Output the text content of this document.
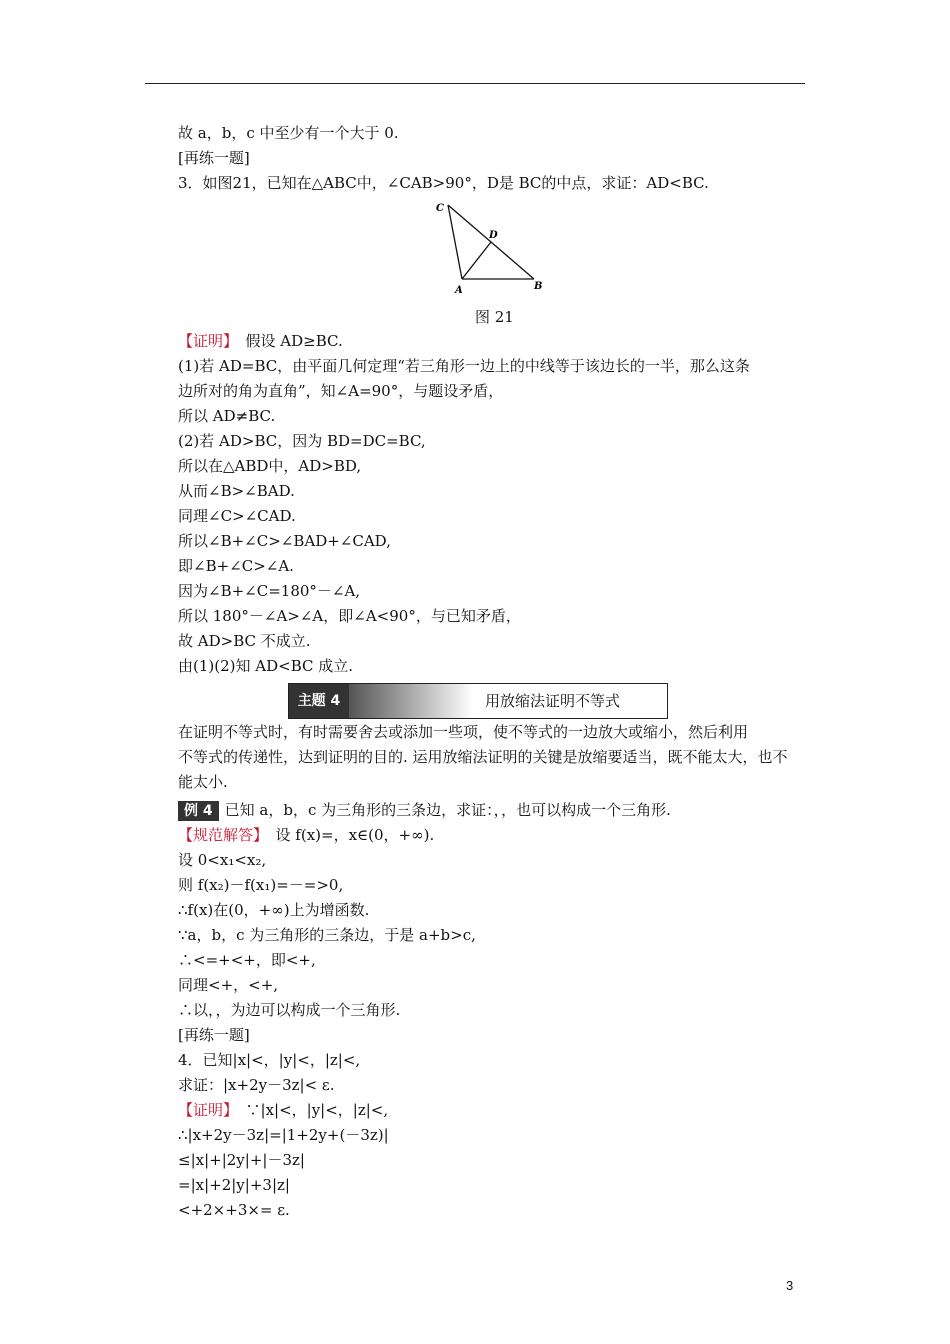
故 a，b，c 中至少有一个大于 0.
[再练一题]
3．如图21，已知在△ABC中，∠CAB>90°，D是 BC的中点，求证：AD<BC.
C
D
A	B
图 21
【证明】　假设 AD≥BC.
(1)若 AD=BC，由平面几何定理“若三角形一边上的中线等于该边长的一半，那么这条
边所对的角为直角”，知∠A=90°，与题设矛盾，
所以 AD≠BC.
(2)若 AD>BC，因为 BD=DC=BC,
所以在△ABD中，AD>BD,
从而∠B>∠BAD.
同理∠C>∠CAD.
所以∠B+∠C>∠BAD+∠CAD,
即∠B+∠C>∠A.
因为∠B+∠C=180°－∠A,
所以 180°－∠A>∠A，即∠A<90°，与已知矛盾，
故 AD>BC 不成立.
由(1)(2)知 AD<BC 成立.
主题 4	用放缩法证明不等式
在证明不等式时，有时需要舍去或添加一些项，使不等式的一边放大或缩小，然后利用
不等式的传递性，达到证明的目的. 运用放缩法证明的关键是放缩要适当，既不能太大，也不
能太小.
例 4 已知 a，b，c 为三角形的三条边，求证：，，也可以构成一个三角形.
【规范解答】　设 f(x)=，x∈(0，+∞).
设 0<x₁<x₂,
则 f(x₂)－f(x₁)=－=>0,
∴f(x)在(0，+∞)上为增函数.
∵a，b，c 为三角形的三条边，于是 a+b>c,
∴<=+<+，即<+,
同理<+，<+,
∴以，，为边可以构成一个三角形.
[再练一题]
4．已知|x|<，|y|<，|z|<,
求证：|x+2y－3z|< ε.
【证明】　∵|x|<，|y|<，|z|<,
∴|x+2y－3z|=|1+2y+(－3z)|
≤|x|+|2y|+|－3z|
=|x|+2|y|+3|z|
<+2×+3×= ε.
3
